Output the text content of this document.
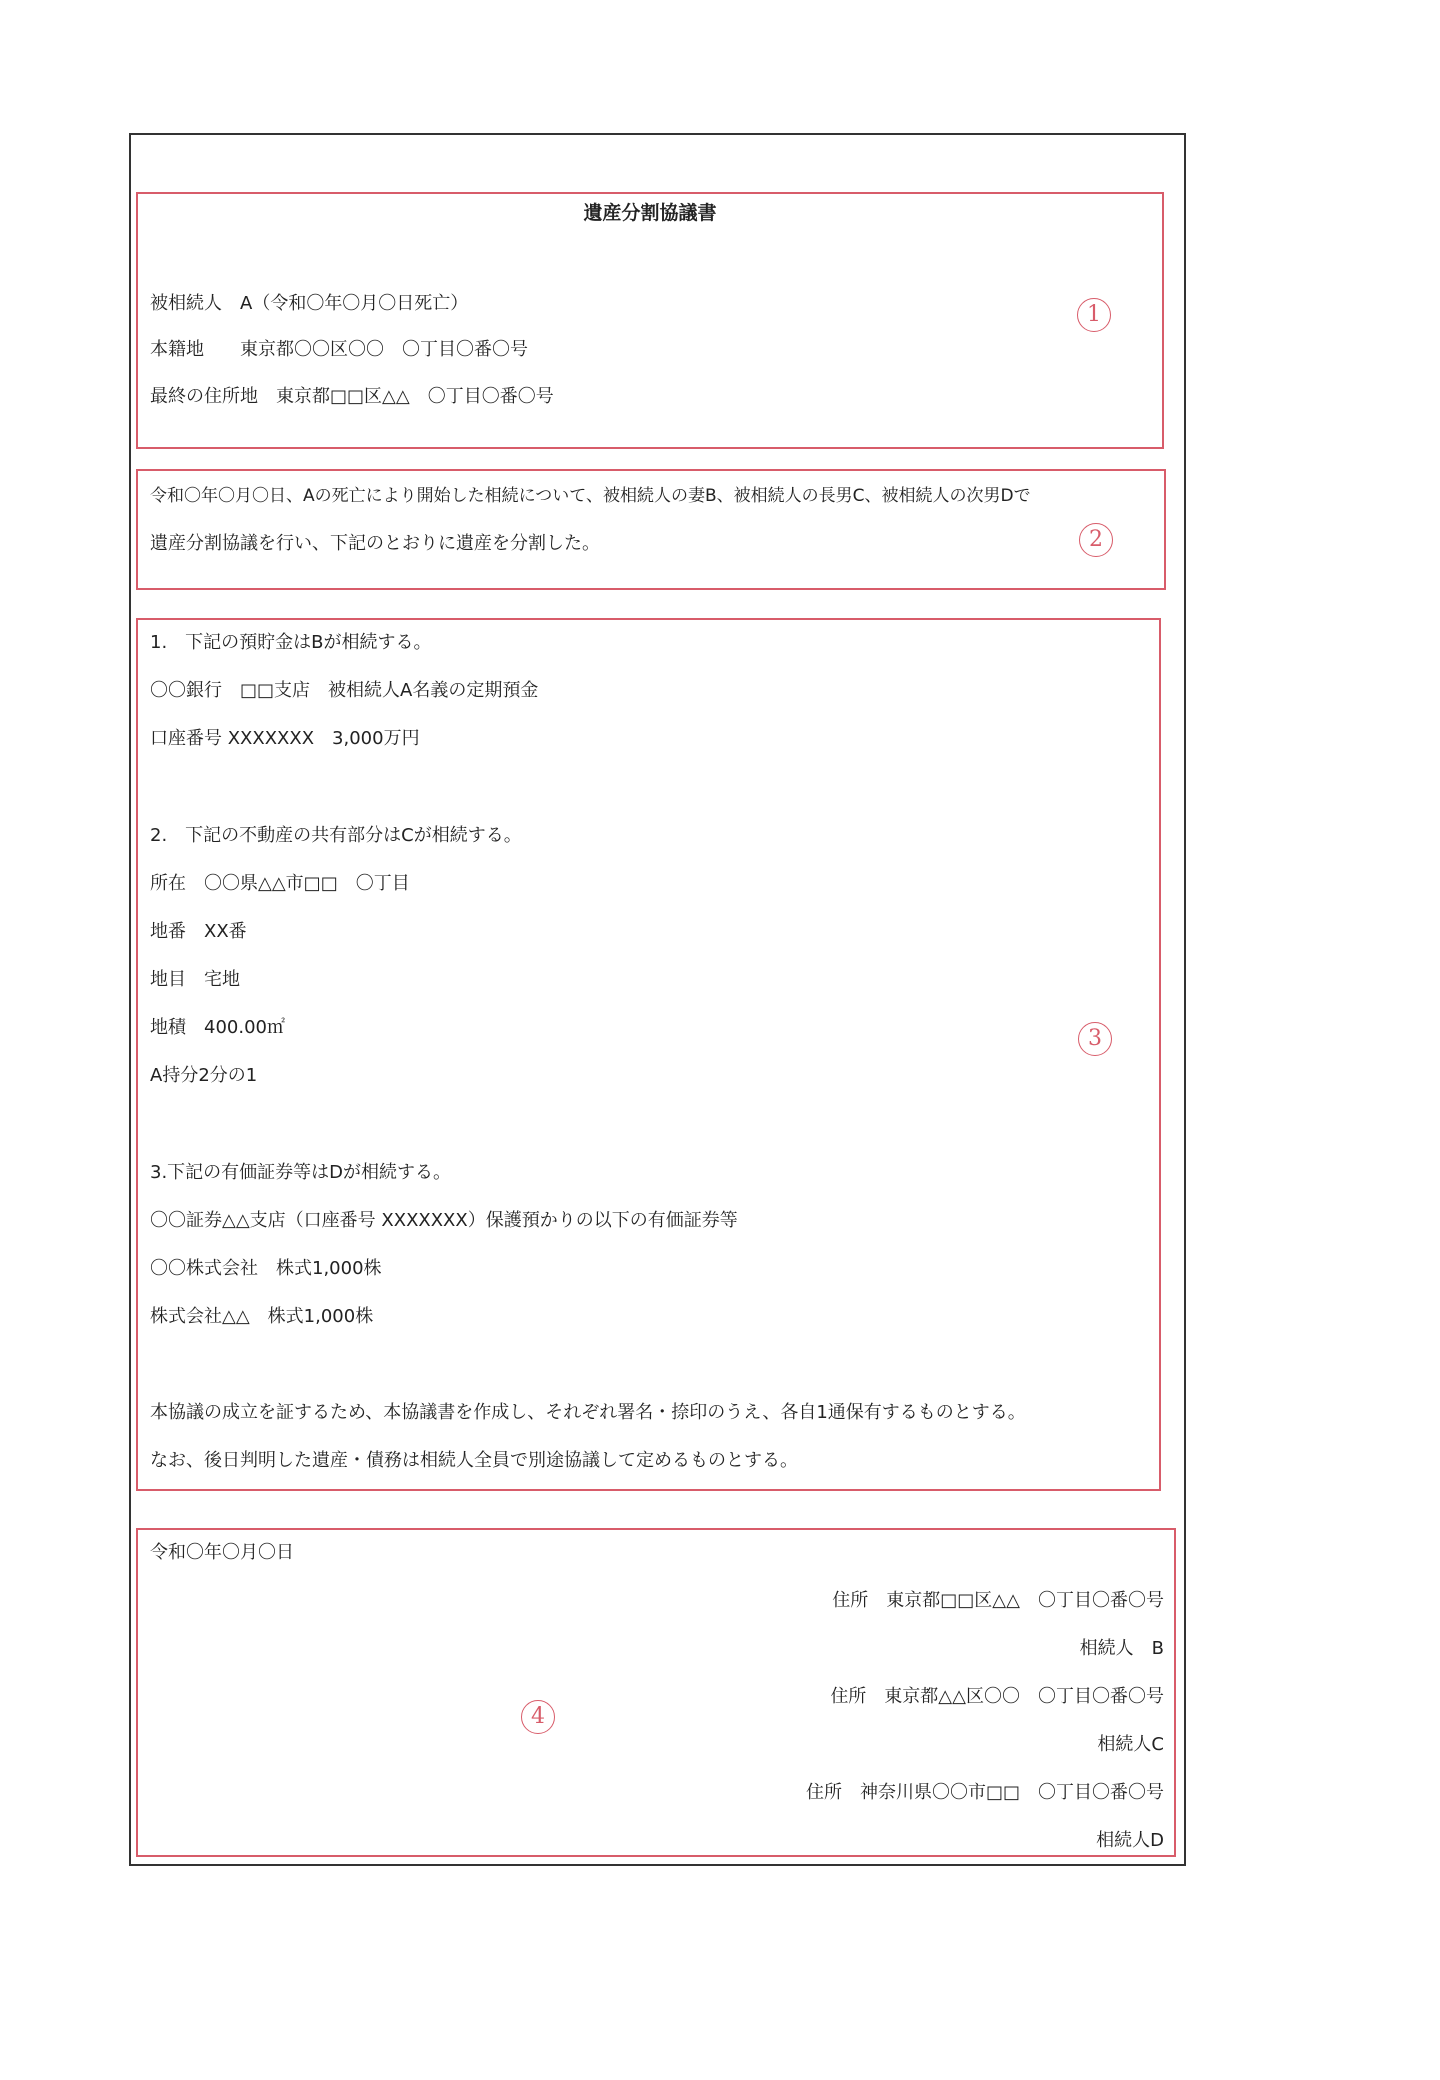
遺産分割協議書
被相続人　A（令和〇年〇月〇日死亡）
本籍地　　東京都〇〇区〇〇　〇丁目〇番〇号
最終の住所地　東京都□□区△△　〇丁目〇番〇号
1
令和〇年〇月〇日、Aの死亡により開始した相続について、被相続人の妻B、被相続人の長男C、被相続人の次男Dで
遺産分割協議を行い、下記のとおりに遺産を分割した。	2
1.　下記の預貯金はBが相続する。
〇〇銀行　□□支店　被相続人A名義の定期預金
口座番号 XXXXXXX　3,000万円
2.　下記の不動産の共有部分はCが相続する。
所在　〇〇県△△市□□　〇丁目
地番　XX番
地目　宅地
地積　400.00㎡
A持分2分の1
3.下記の有価証券等はDが相続する。
〇〇証券△△支店（口座番号 XXXXXXX）保護預かりの以下の有価証券等
〇〇株式会社　株式1,000株
株式会社△△　株式1,000株
本協議の成立を証するため、本協議書を作成し、それぞれ署名・捺印のうえ、各自1通保有するものとする。
なお、後日判明した遺産・債務は相続人全員で別途協議して定めるものとする。
3
令和〇年〇月〇日
住所　東京都□□区△△　〇丁目〇番〇号
相続人　B
住所　東京都△△区〇〇　〇丁目〇番〇号
相続人C
住所　神奈川県〇〇市□□　〇丁目〇番〇号
相続人D
4
